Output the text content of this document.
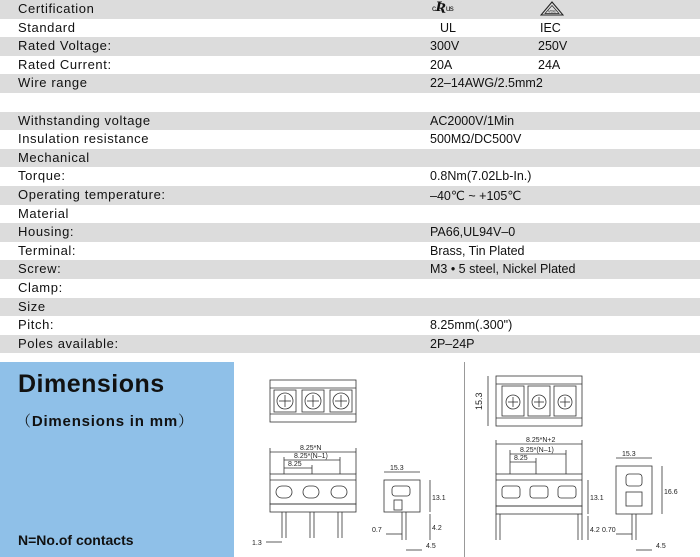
Certification	cƦus	VDE
Standard	UL	IEC
Rated Voltage:	300V	250V
Rated Current:	20A	24A
Wire range	22–14AWG/2.5mm2
Withstanding voltage	AC2000V/1Min
Insulation resistance	500MΩ/DC500V
Mechanical
Torque:	0.8Nm(7.02Lb-In.)
Operating temperature:	–40℃ ~ +105℃
Material
Housing:	PA66,UL94V–0
Terminal:	Brass, Tin Plated
Screw:	M3 • 5 steel, Nickel Plated
Clamp:
Size
Pitch:	8.25mm(.300")
Poles available:	2P–24P
Dimensions
（Dimensions in mm）
N=No.of contacts
8.25*N
8.25*(N–1)
8.25
15.3
13.1
4.2
0.7
4.5
1.3
15.3
8.25*N+2
8.25*(N–1)
8.25
15.3
13.1
16.6
4.2 0.70
4.5
